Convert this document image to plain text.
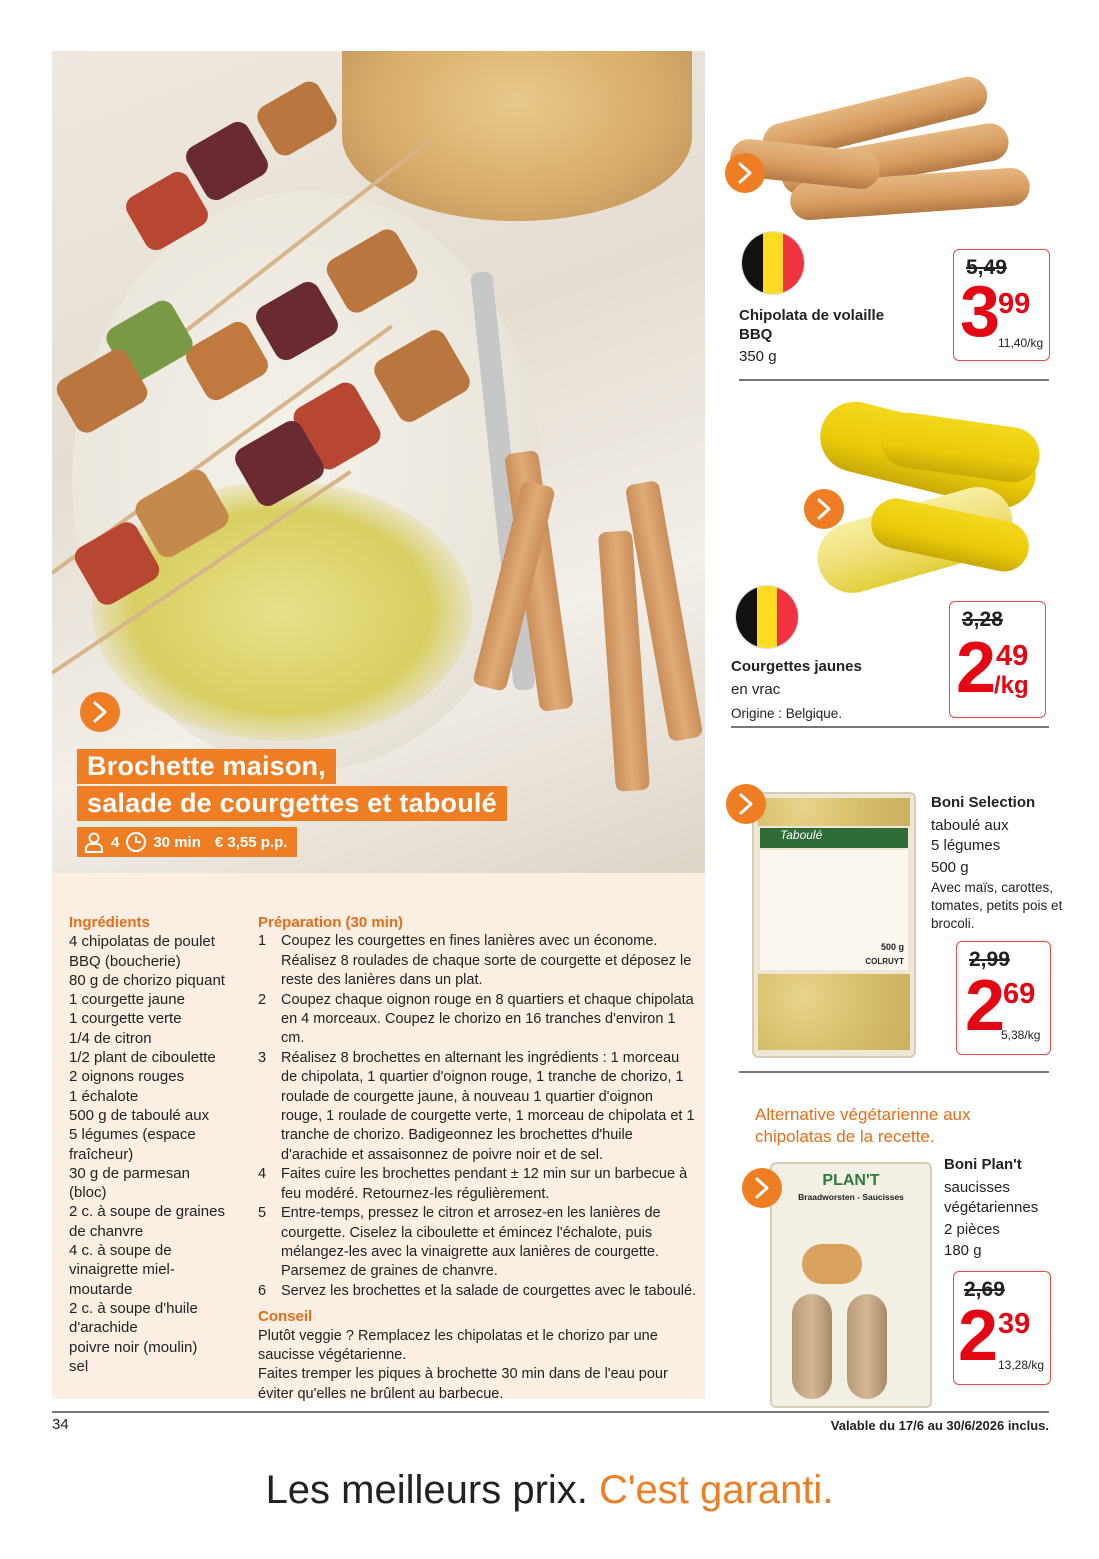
Brochette maison,
salade de courgettes et taboulé
4 30 min € 3,55 p.p.
Ingrédients
4 chipolatas de poulet
BBQ (boucherie)
80 g de chorizo piquant
1 courgette jaune
1 courgette verte
1/4 de citron
1/2 plant de ciboulette
2 oignons rouges
1 échalote
500 g de taboulé aux
5 légumes (espace
fraîcheur)
30 g de parmesan
(bloc)
2 c. à soupe de graines
de chanvre
4 c. à soupe de
vinaigrette miel-
moutarde
2 c. à soupe d'huile
d'arachide
poivre noir (moulin)
sel
Préparation (30 min)
1	Coupez les courgettes en fines lanières avec un économe. Réalisez 8 roulades de chaque sorte de courgette et déposez le reste des lanières dans un plat.
2	Coupez chaque oignon rouge en 8 quartiers et chaque chipolata en 4 morceaux. Coupez le chorizo en 16 tranches d'environ 1 cm.
3	Réalisez 8 brochettes en alternant les ingrédients : 1 morceau de chipolata, 1 quartier d'oignon rouge, 1 tranche de chorizo, 1 roulade de courgette jaune, à nouveau 1 quartier d'oignon rouge, 1 roulade de courgette verte, 1 morceau de chipolata et 1 tranche de chorizo. Badigeonnez les brochettes d'huile d'arachide et assaisonnez de poivre noir et de sel.
4	Faites cuire les brochettes pendant ± 12 min sur un barbecue à feu modéré. Retournez-les régulièrement.
5	Entre-temps, pressez le citron et arrosez-en les lanières de courgette. Ciselez la ciboulette et émincez l'échalote, puis mélangez-les avec la vinaigrette aux lanières de courgette. Parsemez de graines de chanvre.
6	Servez les brochettes et la salade de courgettes avec le taboulé.
Conseil
Plutôt veggie ? Remplacez les chipolatas et le chorizo par une saucisse végétarienne.
Faites tremper les piques à brochette 30 min dans de l'eau pour éviter qu'elles ne brûlent au barbecue.
Chipolata de volaille BBQ
350 g
5,49
3
99
11,40/kg
Courgettes jaunes
en vrac
Origine : Belgique.
3,28
2 49
/kg
Taboulé
500 g
COLRUYT
Boni Selection
taboulé aux
5 légumes
500 g
Avec maïs, carottes, tomates, petits pois et brocoli.
2,99
2
69
5,38/kg
Alternative végétarienne aux chipolatas de la recette.
PLAN'T
Braadworsten - Saucisses
Boni Plan't
saucisses
végétariennes
2 pièces
180 g
2,69
2 39
13,28/kg
34	Valable du 17/6 au 30/6/2026 inclus.
Les meilleurs prix. C'est garanti.
